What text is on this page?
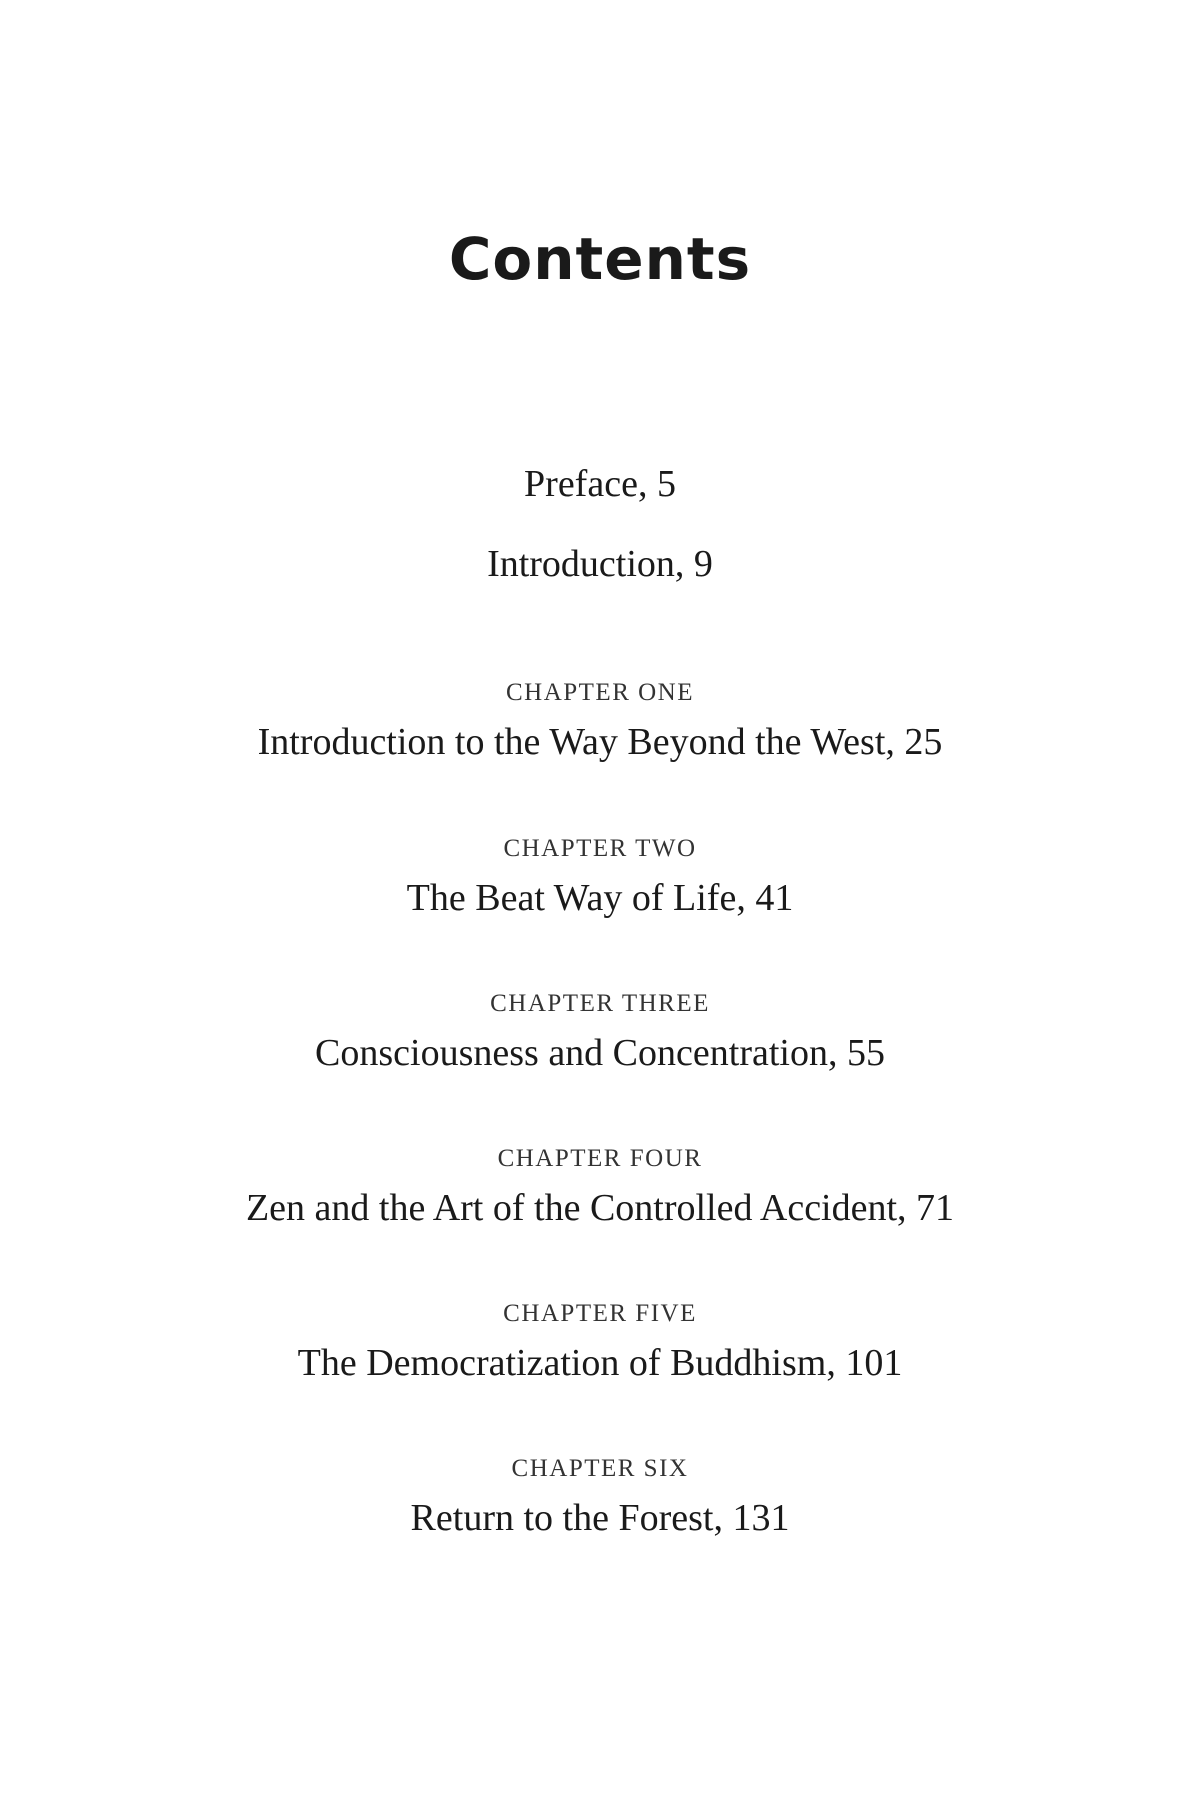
Contents
Preface, 5
Introduction, 9
CHAPTER ONE
Introduction to the Way Beyond the West, 25
CHAPTER TWO
The Beat Way of Life, 41
CHAPTER THREE
Consciousness and Concentration, 55
CHAPTER FOUR
Zen and the Art of the Controlled Accident, 71
CHAPTER FIVE
The Democratization of Buddhism, 101
CHAPTER SIX
Return to the Forest, 131
